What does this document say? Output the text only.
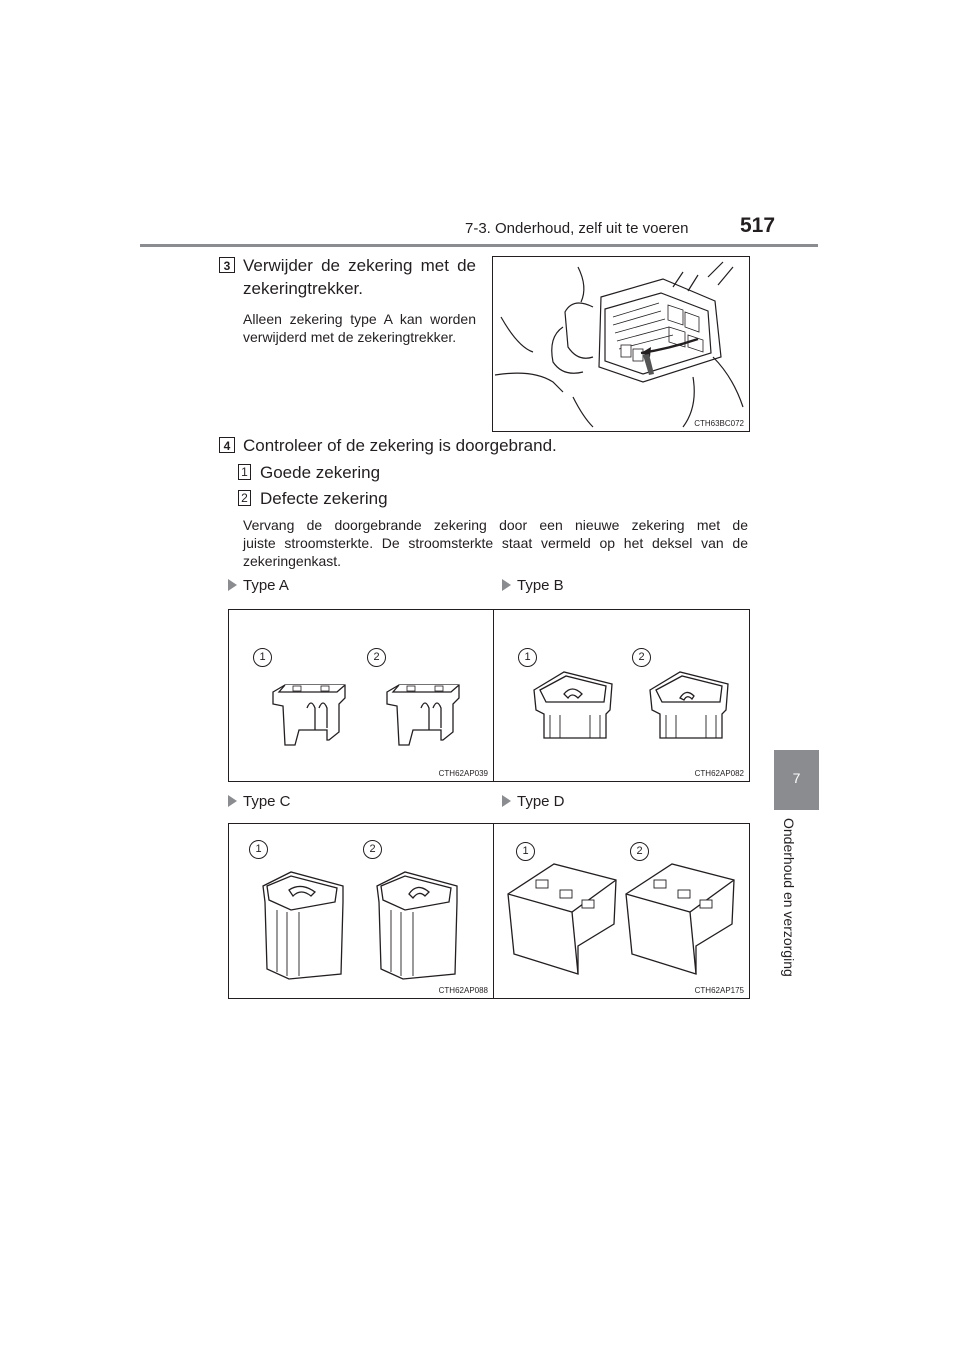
7-3. Onderhoud, zelf uit te voeren 517
7
Onderhoud en verzorging
3 Verwijder de zekering met de
zekeringtrekker.
Alleen zekering type A kan worden
verwijderd met de zekeringtrekker.
CTH63BC072
4 Controleer of de zekering is doorgebrand.
1 Goede zekering
2 Defecte zekering
Vervang de doorgebrande zekering door een nieuwe zekering met de
juiste stroomsterkte. De stroomsterkte staat vermeld op het deksel van de
zekeringenkast.
Type A	Type B
Type C	Type D
1	2
CTH62AP039
1	2
CTH62AP082
1	2
CTH62AP088
1	2
CTH62AP175
